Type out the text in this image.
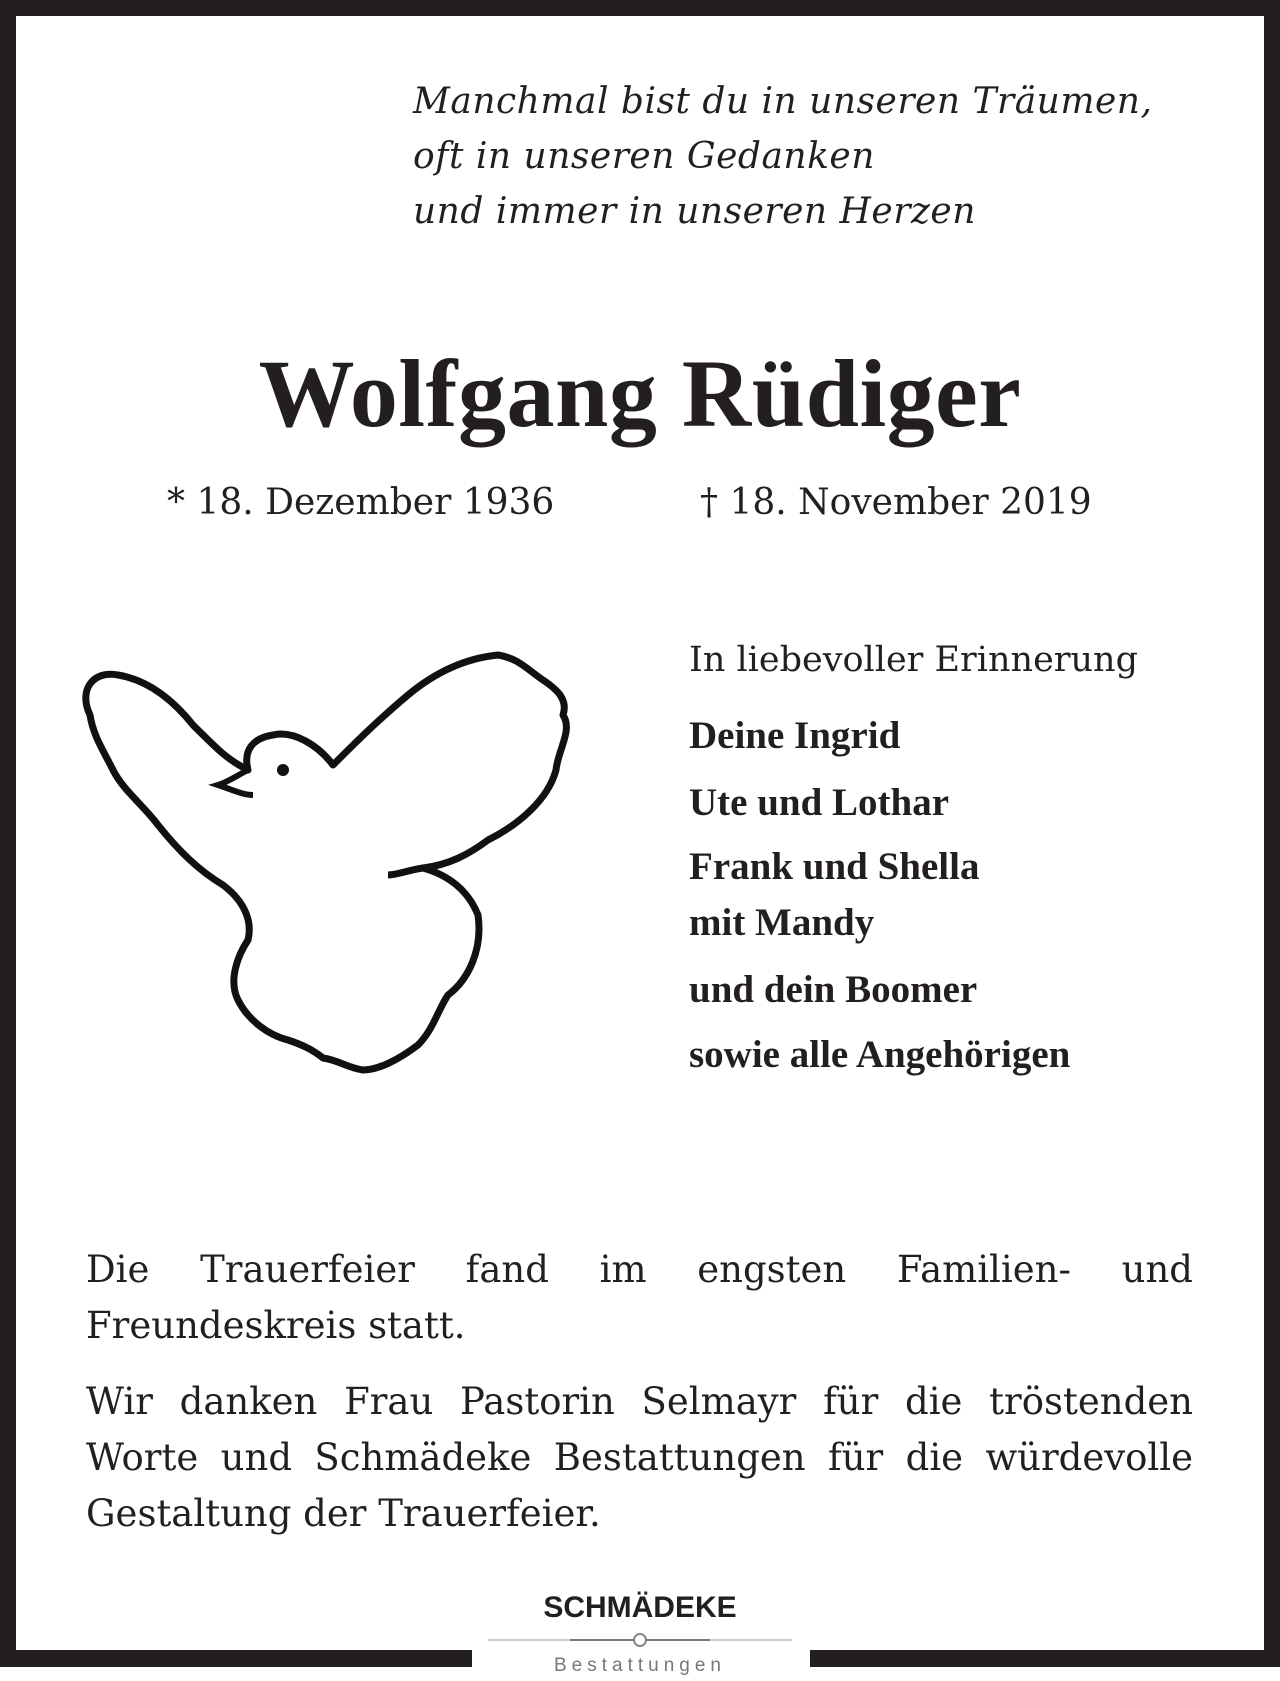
Manchmal bist du in unseren Träumen,
oft in unseren Gedanken
und immer in unseren Herzen
Wolfgang Rüdiger
* 18. Dezember 1936	† 18. November 2019
In liebevoller Erinnerung
Deine Ingrid
Ute und Lothar
Frank und Shella
mit Mandy
und dein Boomer
sowie alle Angehörigen
Die Trauerfeier fand im engsten Familien- und Freundeskreis statt.
Wir danken Frau Pastorin Selmayr für die tröstenden Worte und Schmädeke Bestattungen für die würdevolle Gestaltung der Trauerfeier.
SCHMÄDEKE
Bestattungen
